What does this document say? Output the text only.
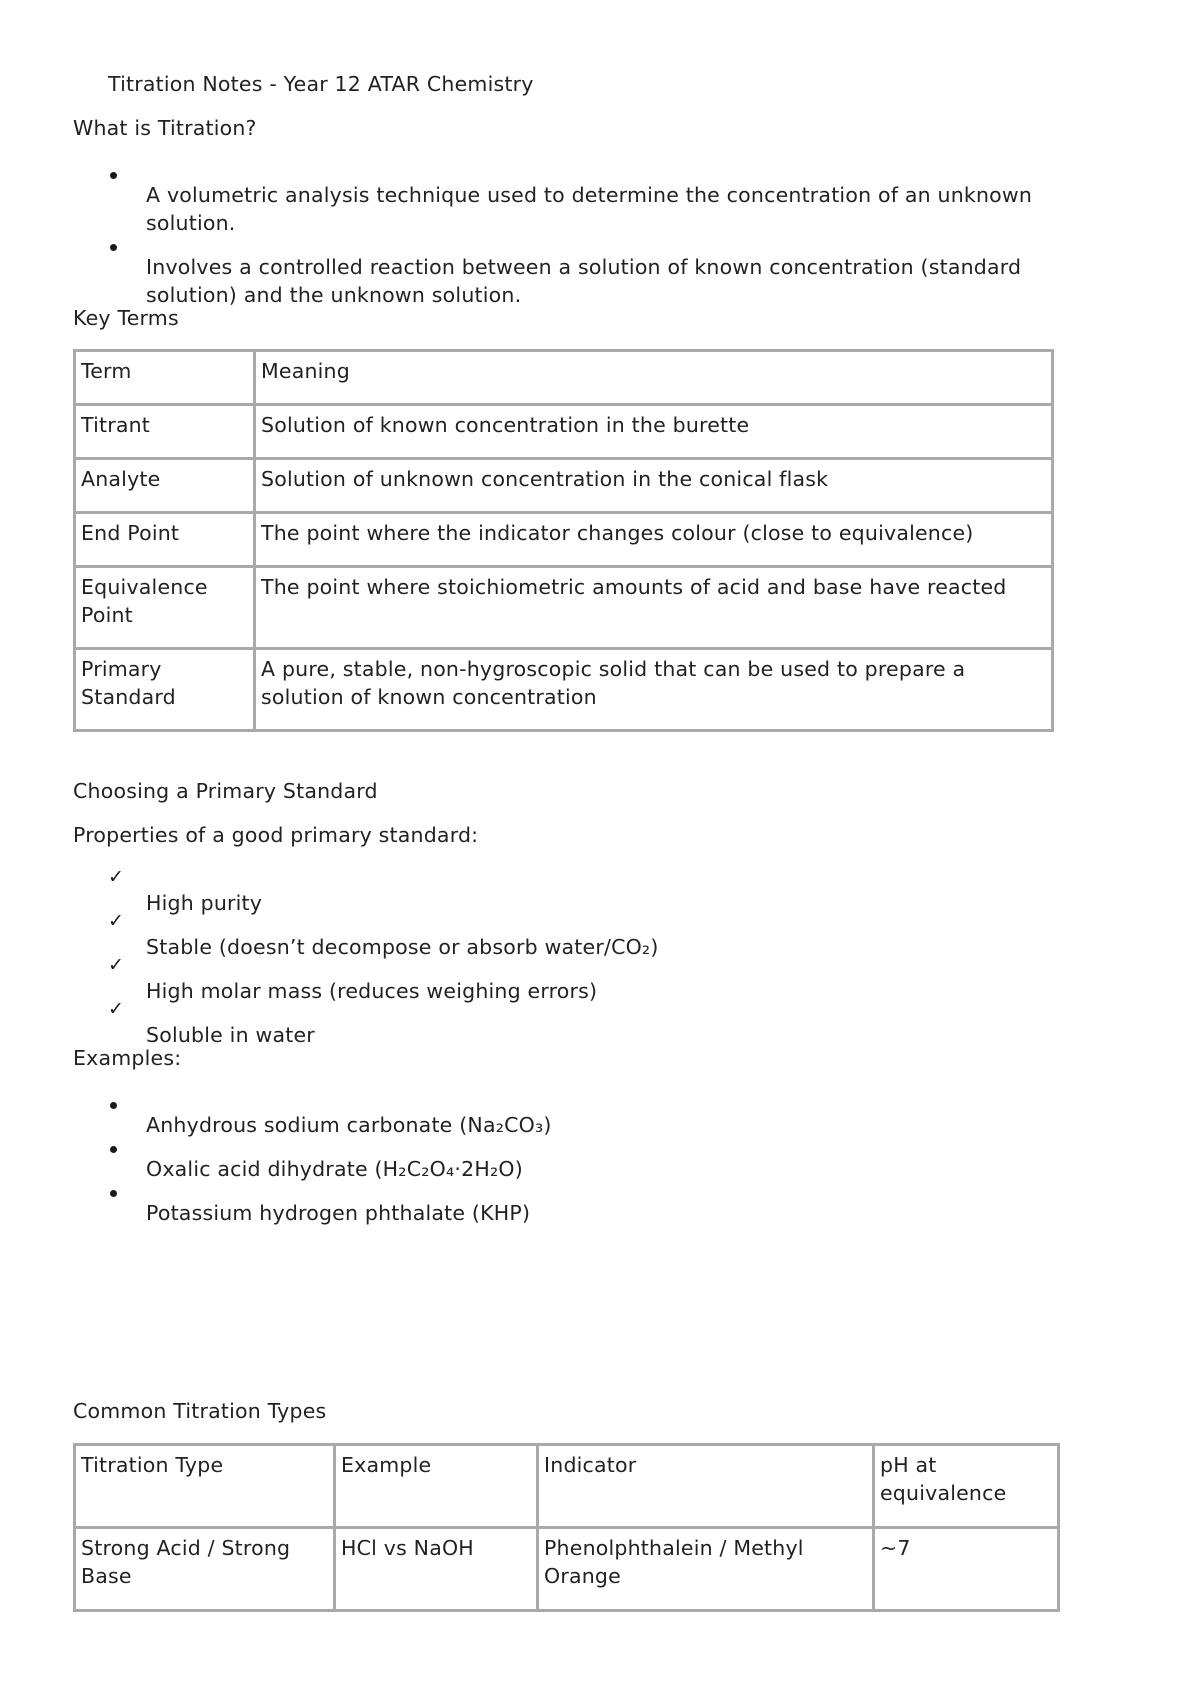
Titration Notes - Year 12 ATAR Chemistry

What is Titration?

A volumetric analysis technique used to determine the concentration of an unknown solution.

Involves a controlled reaction between a solution of known concentration (standard solution) and the unknown solution.

Key Terms

Term	Meaning
Titrant	Solution of known concentration in the burette
Analyte	Solution of unknown concentration in the conical flask
End Point	The point where the indicator changes colour (close to equivalence)
Equivalence Point	The point where stoichiometric amounts of acid and base have reacted
Primary Standard	A pure, stable, non-hygroscopic solid that can be used to prepare a solution of known concentration

Choosing a Primary Standard

Properties of a good primary standard:

✓

High purity

✓

Stable (doesn’t decompose or absorb water/CO₂)

✓

High molar mass (reduces weighing errors)

✓

Soluble in water

Examples:

Anhydrous sodium carbonate (Na₂CO₃)

Oxalic acid dihydrate (H₂C₂O₄·2H₂O)

Potassium hydrogen phthalate (KHP)

Common Titration Types

Titration Type	Example	Indicator	pH at equivalence
Strong Acid / Strong Base	HCl vs NaOH	Phenolphthalein / Methyl Orange	~7
